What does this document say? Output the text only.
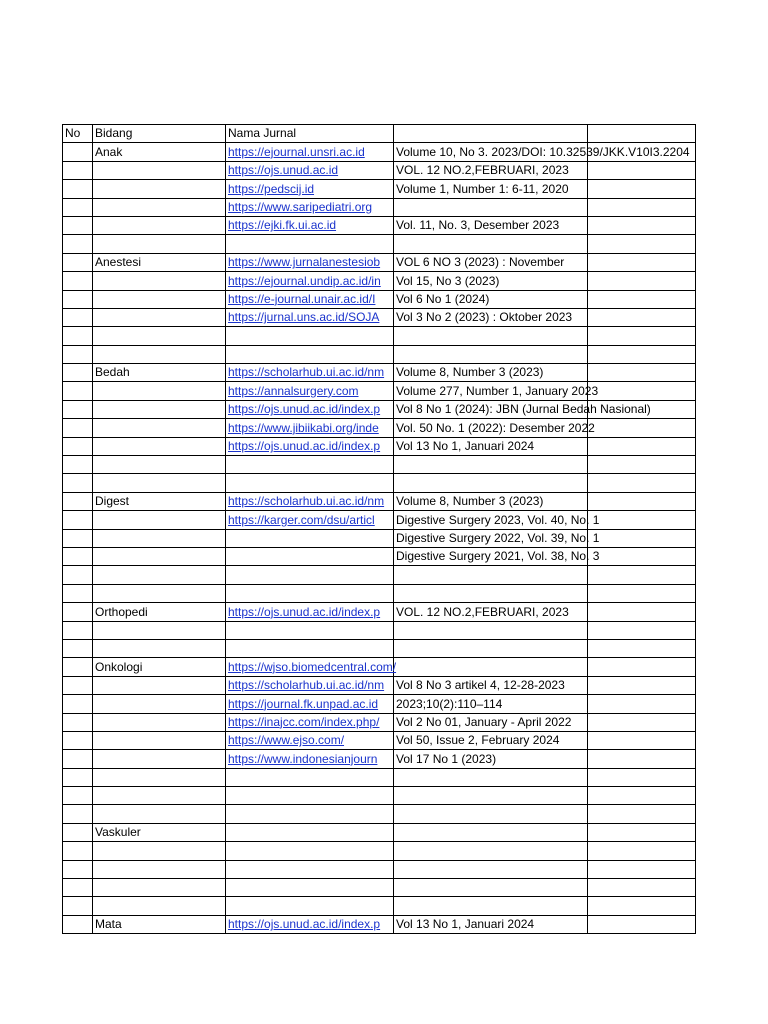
No	Bidang	Nama Jurnal		
	Anak	https://ejournal.unsri.ac.id	Volume 10, No 3. 2023/DOI: 10.32539/JKK.V10I3.2204	
		https://ojs.unud.ac.id	VOL. 12 NO.2,FEBRUARI, 2023	
		https://pedscij.id	Volume 1, Number 1: 6-11, 2020	
		https://www.saripediatri.org		
		https://ejki.fk.ui.ac.id	Vol. 11, No. 3, Desember 2023	

	Anestesi	https://www.jurnalanestesiob	VOL 6 NO 3 (2023) : November	
		https://ejournal.undip.ac.id/in	Vol 15, No 3 (2023)	
		https://e-journal.unair.ac.id/I	Vol 6 No 1 (2024)	
		https://jurnal.uns.ac.id/SOJA	Vol 3 No 2 (2023) : Oktober 2023	

	Bedah	https://scholarhub.ui.ac.id/nm	Volume 8, Number 3 (2023)	
		https://annalsurgery.com	Volume 277, Number 1, January 2023	
		https://ojs.unud.ac.id/index.p	Vol 8 No 1 (2024): JBN (Jurnal Bedah Nasional)	
		https://www.jibiikabi.org/inde	Vol. 50 No. 1 (2022): Desember 2022	
		https://ojs.unud.ac.id/index.p	Vol 13 No 1, Januari 2024	

	Digest	https://scholarhub.ui.ac.id/nm	Volume 8, Number 3 (2023)	
		https://karger.com/dsu/articl	Digestive Surgery 2023, Vol. 40, No. 1	
			Digestive Surgery 2022, Vol. 39, No. 1	
			Digestive Surgery 2021, Vol. 38, No. 3	

	Orthopedi	https://ojs.unud.ac.id/index.p	VOL. 12 NO.2,FEBRUARI, 2023	

	Onkologi	https://wjso.biomedcentral.com/		
		https://scholarhub.ui.ac.id/nm	Vol 8 No 3 artikel 4, 12-28-2023	
		https://journal.fk.unpad.ac.id	2023;10(2):110–114	
		https://inajcc.com/index.php/	Vol 2 No 01, January - April 2022	
		https://www.ejso.com/	Vol 50, Issue 2, February 2024	
		https://www.indonesianjourn	Vol 17 No 1 (2023)	

	Vaskuler			

	Mata	https://ojs.unud.ac.id/index.p	Vol 13 No 1, Januari 2024	
